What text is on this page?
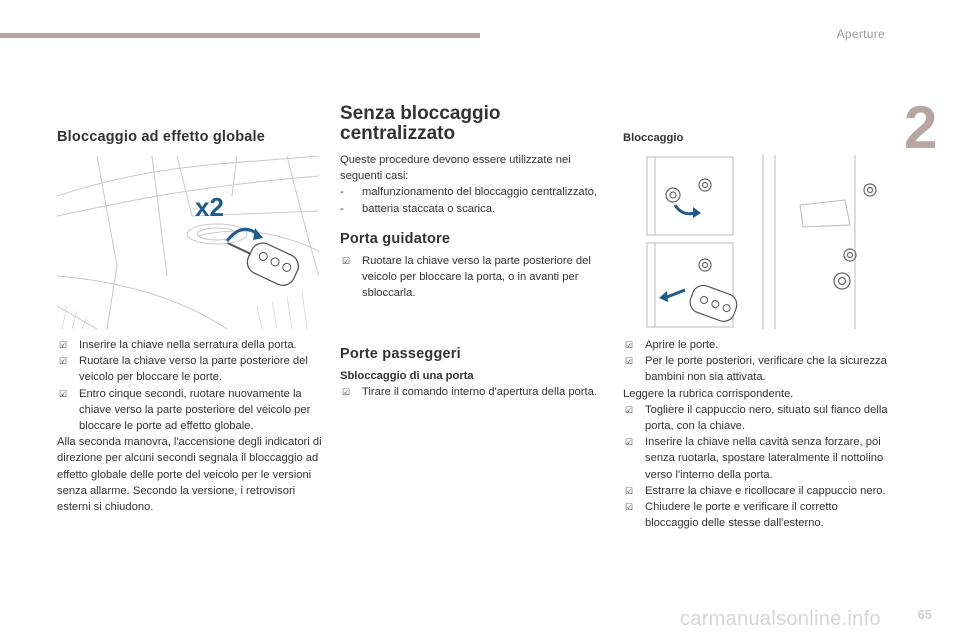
Aperture
2
65
carmanualsonline.info
Bloccaggio ad effetto globale
x2
☑ Inserire la chiave nella serratura della porta.
☑ Ruotare la chiave verso la parte posteriore del veicolo per bloccare le porte.
☑ Entro cinque secondi, ruotare nuovamente la chiave verso la parte posteriore del veicolo per bloccare le porte ad effetto globale.
Alla seconda manovra, l'accensione degli indicatori di direzione per alcuni secondi segnala il bloccaggio ad effetto globale delle porte del veicolo per le versioni senza allarme. Secondo la versione, i retrovisori esterni si chiudono.
Senza bloccaggio
centralizzato
Queste procedure devono essere utilizzate nei seguenti casi:
- malfunzionamento del bloccaggio centralizzato,
- batteria staccata o scarica.
Porta guidatore
☑ Ruotare la chiave verso la parte posteriore del veicolo per bloccare la porta, o in avanti per sbloccarla.
Porte passeggeri
Sbloccaggio di una porta
☑ Tirare il comando interno d'apertura della porta.
Bloccaggio
☑ Aprire le porte.
☑ Per le porte posteriori, verificare che la sicurezza bambini non sia attivata.
Leggere la rubrica corrispondente.
☑ Togliere il cappuccio nero, situato sul fianco della porta, con la chiave.
☑ Inserire la chiave nella cavità senza forzare, poi senza ruotarla, spostare lateralmente il nottolino verso l'interno della porta.
☑ Estrarre la chiave e ricollocare il cappuccio nero.
☑ Chiudere le porte e verificare il corretto bloccaggio delle stesse dall'esterno.
